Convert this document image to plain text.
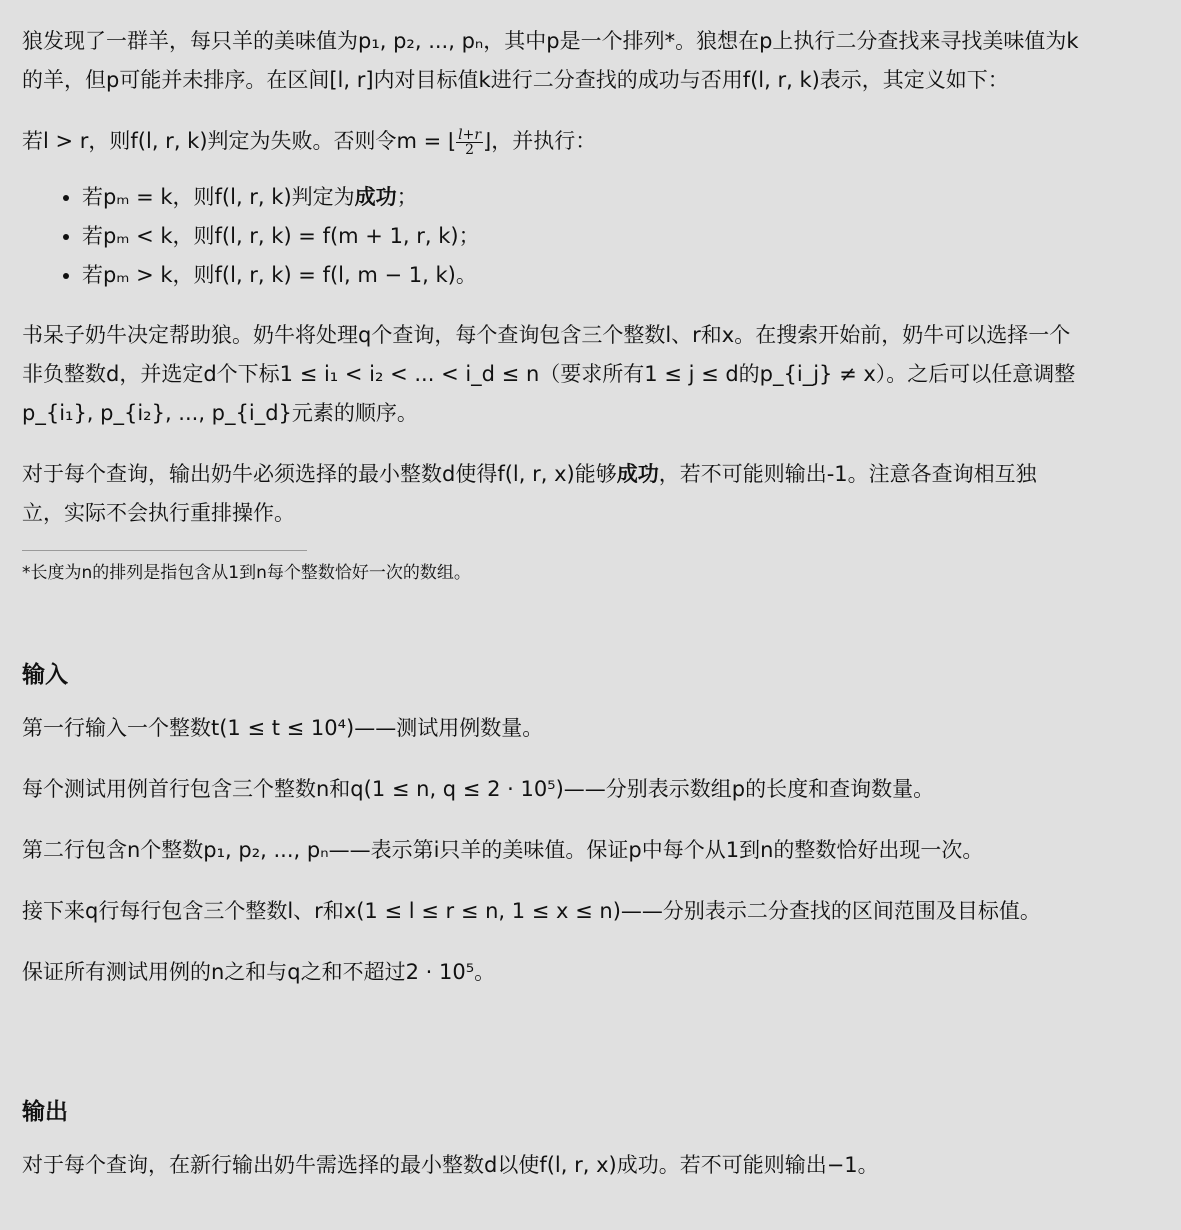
狼发现了一群羊，每只羊的美味值为p₁, p₂, ..., pₙ，其中p是一个排列*。狼想在p上执行二分查找来寻找美味值为k
的羊，但p可能并未排序。在区间[l, r]内对目标值k进行二分查找的成功与否用f(l, r, k)表示，其定义如下：

若l > r，则f(l, r, k)判定为失败。否则令m = ⌊ $\frac{l+r}{2}$ ⌋，并执行：

• 若pₘ = k，则f(l, r, k)判定为成功；
• 若pₘ < k，则f(l, r, k) = f(m + 1, r, k)；
• 若pₘ > k，则f(l, r, k) = f(l, m − 1, k)。

书呆子奶牛决定帮助狼。奶牛将处理q个查询，每个查询包含三个整数l、r和x。在搜索开始前，奶牛可以选择一个
非负整数d，并选定d个下标1 ≤ i₁ < i₂ < ... < i_d ≤ n（要求所有1 ≤ j ≤ d的p_{i_j} ≠ x）。之后可以任意调整
p_{i₁}, p_{i₂}, ..., p_{i_d}元素的顺序。

对于每个查询，输出奶牛必须选择的最小整数d使得f(l, r, x)能够成功，若不可能则输出-1。注意各查询相互独
立，实际不会执行重排操作。

*长度为n的排列是指包含从1到n每个整数恰好一次的数组。

输入

第一行输入一个整数t(1 ≤ t ≤ 10⁴)——测试用例数量。

每个测试用例首行包含三个整数n和q(1 ≤ n, q ≤ 2 · 10⁵)——分别表示数组p的长度和查询数量。

第二行包含n个整数p₁, p₂, ..., pₙ——表示第i只羊的美味值。保证p中每个从1到n的整数恰好出现一次。

接下来q行每行包含三个整数l、r和x(1 ≤ l ≤ r ≤ n, 1 ≤ x ≤ n)——分别表示二分查找的区间范围及目标值。

保证所有测试用例的n之和与q之和不超过2 · 10⁵。

输出

对于每个查询，在新行输出奶牛需选择的最小整数d以使f(l, r, x)成功。若不可能则输出−1。
